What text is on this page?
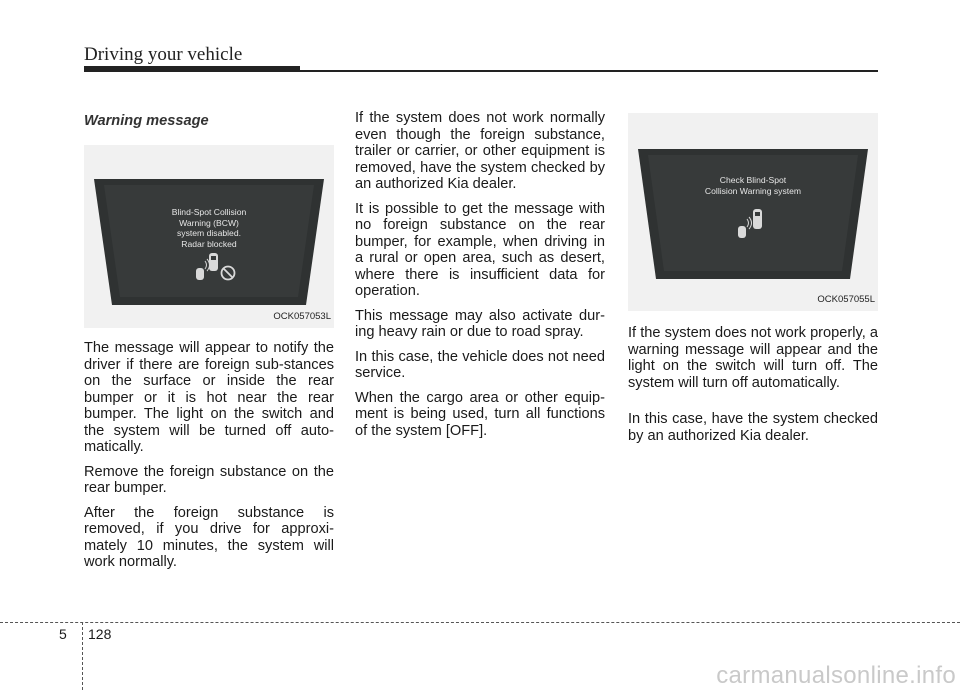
Driving your vehicle
Warning message
Blind-Spot Collision
Warning (BCW)
system disabled.
Radar blocked
OCK057053L

The message will appear to notify the driver if there are foreign sub-stances on the surface or inside the rear bumper or it is hot near the rear bumper. The light on the switch and the system will be turned off auto-matically.

Remove the foreign substance on the rear bumper.

After the foreign substance is removed, if you drive for approxi-mately 10 minutes, the system will work normally.

If the system does not work normally even though the foreign substance, trailer or carrier, or other equipment is removed, have the system checked by an authorized Kia dealer.

It is possible to get the message with no foreign substance on the rear bumper, for example, when driving in a rural or open area, such as desert, where there is insufficient data for operation.

This message may also activate dur-ing heavy rain or due to road spray.

In this case, the vehicle does not need service.

When the cargo area or other equip-ment is being used, turn all functions of the system [OFF].

Check Blind-Spot
Collision Warning system
OCK057055L

If the system does not work properly, a warning message will appear and the light on the switch will turn off. The system will turn off automatically.

In this case, have the system checked by an authorized Kia dealer.

5 128
carmanualsonline.info
